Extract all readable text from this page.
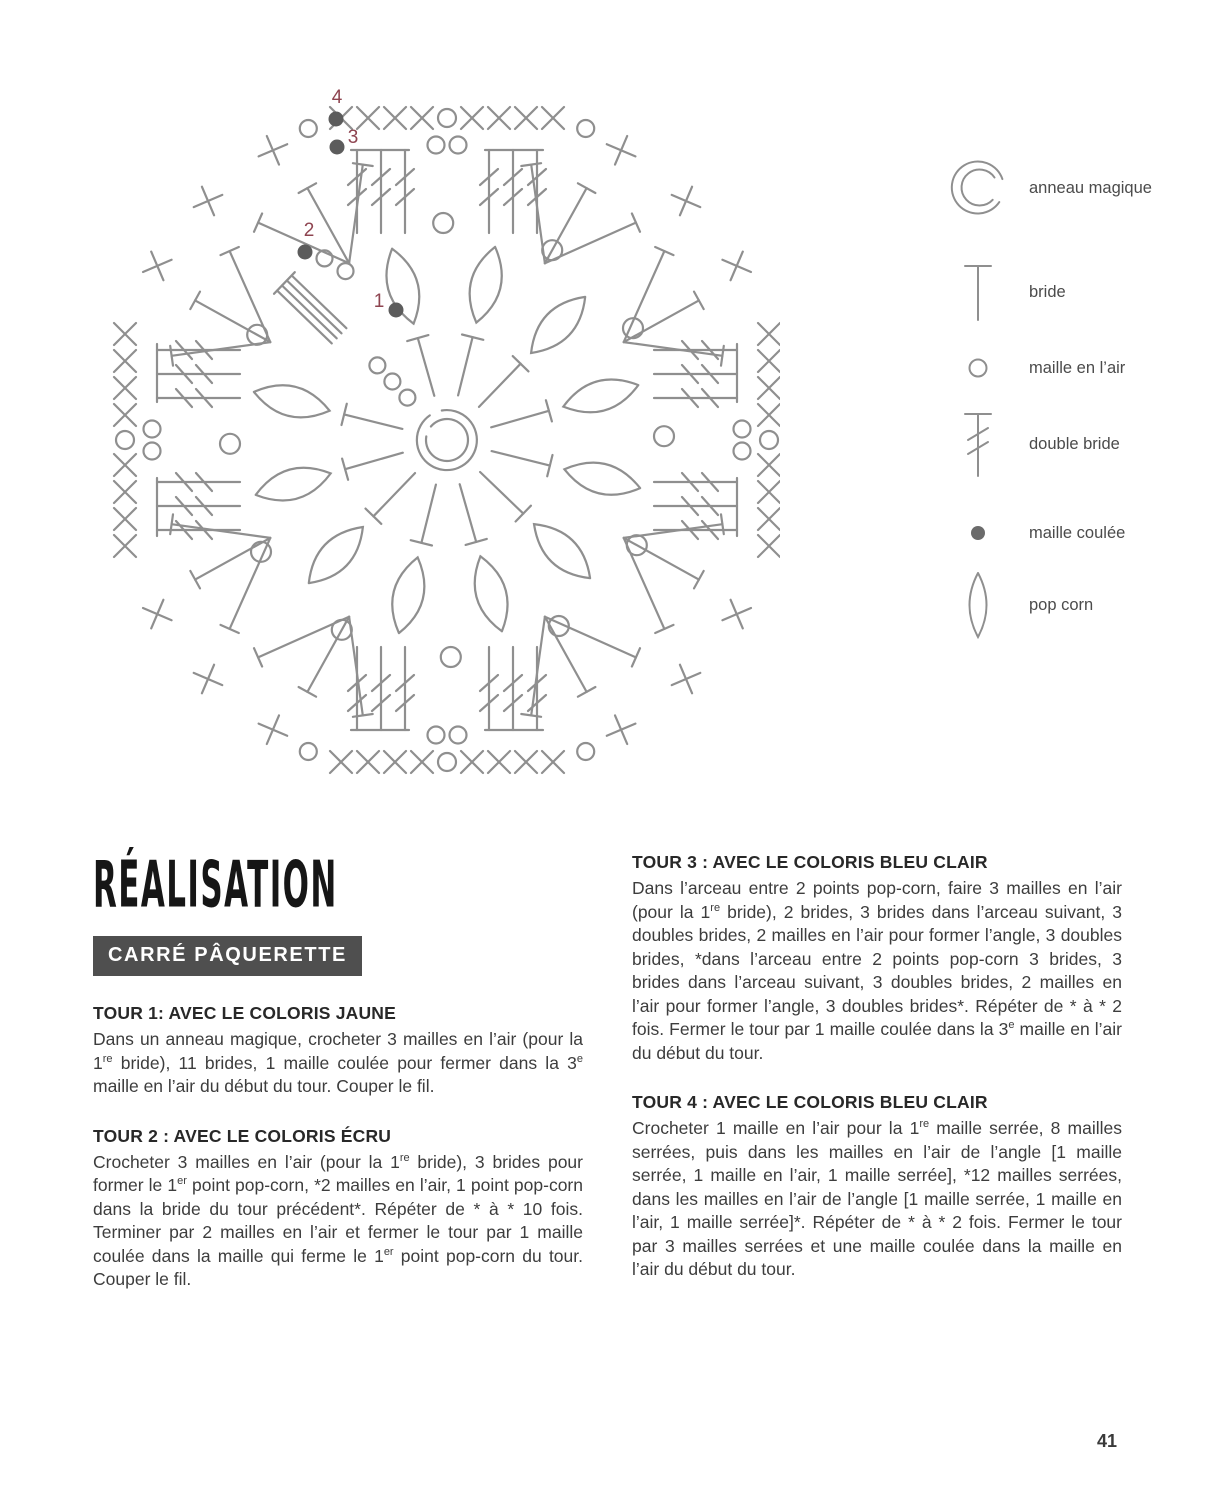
1
2
3
4
anneau magique
bride
maille en l’air
double bride
maille coulée
pop corn
RÉALISATION
CARRÉ PÂQUERETTE
TOUR 1: AVEC LE COLORIS JAUNE

Dans un anneau magique, crocheter 3 mailles en l’air (pour la 1re bride), 11 brides, 1 maille coulée pour fermer dans la 3e maille en l’air du début du tour. Couper le fil.

TOUR 2 : AVEC LE COLORIS ÉCRU

Crocheter 3 mailles en l’air (pour la 1re bride), 3 brides pour former le 1er point pop-corn, *2 mailles en l’air, 1 point pop-corn dans la bride du tour précédent*. Répéter de * à * 10 fois. Terminer par 2 mailles en l’air et fermer le tour par 1 maille coulée dans la maille qui ferme le 1er point pop-corn du tour. Couper le fil.

TOUR 3 : AVEC LE COLORIS BLEU CLAIR

Dans l’arceau entre 2 points pop-corn, faire 3 mailles en l’air (pour la 1re bride), 2 brides, 3 brides dans l’arceau suivant, 3 doubles brides, 2 mailles en l’air pour former l’angle, 3 doubles brides, *dans l’arceau entre 2 points pop-corn 3 brides, 3 brides dans l’arceau suivant, 3 doubles brides, 2 mailles en l’air pour former l’angle, 3 doubles brides*. Répéter de * à * 2 fois. Fermer le tour par 1 maille coulée dans la 3e maille en l’air du début du tour.

TOUR 4 : AVEC LE COLORIS BLEU CLAIR

Crocheter 1 maille en l’air pour la 1re maille serrée, 8 mailles serrées, puis dans les mailles en l’air de l’angle [1 maille serrée, 1 maille en l’air, 1 maille serrée], *12 mailles serrées, dans les mailles en l’air de l’angle [1 maille serrée, 1 maille en l’air, 1 maille serrée]*. Répéter de * à * 2 fois. Fermer le tour par 3 mailles serrées et une maille coulée dans la maille en l’air du début du tour.

41
